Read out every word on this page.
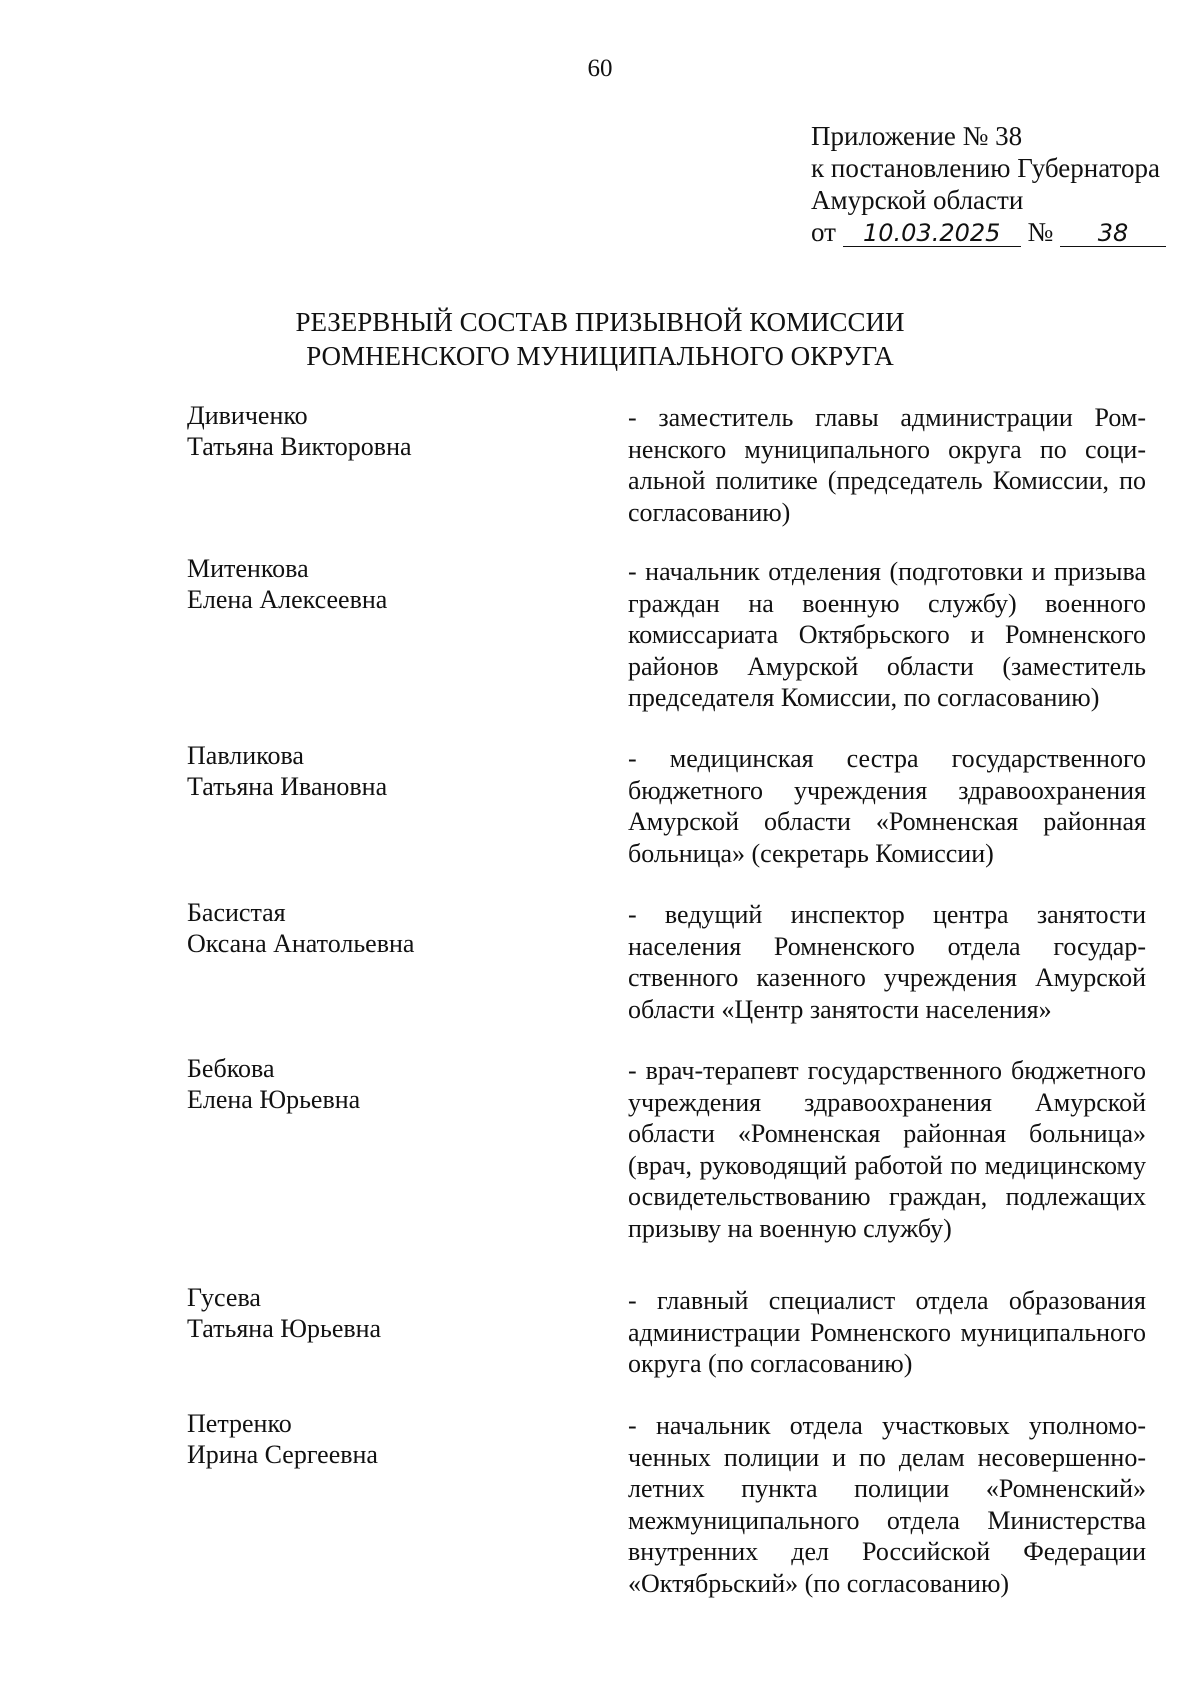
60
Приложение № 38
к постановлению Губернатора
Амурской области
от 10.03.2025 № 38
РЕЗЕРВНЫЙ СОСТАВ ПРИЗЫВНОЙ КОМИССИИ
РОМНЕНСКОГО МУНИЦИПАЛЬНОГО ОКРУГА
Дивиченко
Татьяна Викторовна
- заместитель главы администрации Ромненского муниципального округа по социальной политике (председатель Комиссии, по согласованию)
Митенкова
Елена Алексеевна
- начальник отделения (подготовки и призыва граждан на военную службу) военного комиссариата Октябрьского и Ромненского районов Амурской области (заместитель председателя Комиссии, по согласованию)
Павликова
Татьяна Ивановна
- медицинская сестра государственного бюджетного учреждения здравоохранения Амурской области «Ромненская районная больница» (секретарь Комиссии)
Басистая
Оксана Анатольевна
- ведущий инспектор центра занятости населения Ромненского отдела государственного казенного учреждения Амурской области «Центр занятости населения»
Бебкова
Елена Юрьевна
- врач-терапевт государственного бюджетного учреждения здравоохранения Амурской области «Ромненская районная больница» (врач, руководящий работой по медицинскому освидетельствованию граждан, подлежащих призыву на военную службу)
Гусева
Татьяна Юрьевна
- главный специалист отдела образования администрации Ромненского муниципального округа (по согласованию)
Петренко
Ирина Сергеевна
- начальник отдела участковых уполномоченных полиции и по делам несовершеннолетних пункта полиции «Ромненский» межмуниципального отдела Министерства внутренних дел Российской Федерации «Октябрьский» (по согласованию)
